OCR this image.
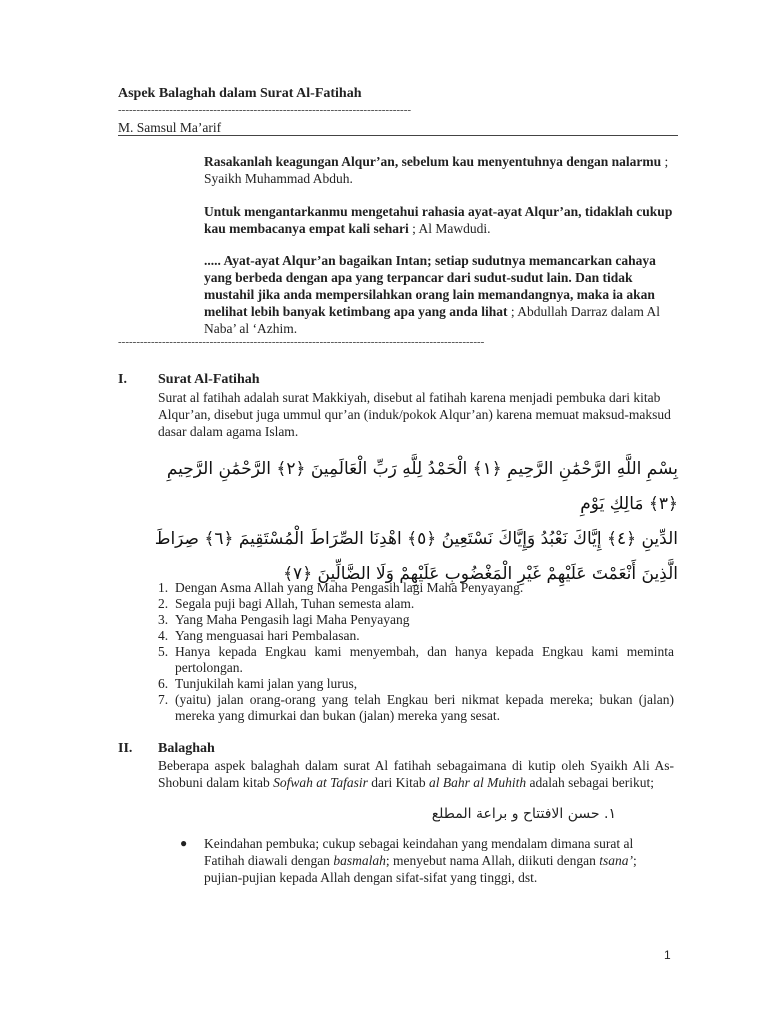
Aspek Balaghah dalam Surat Al-Fatihah
--------------------------------------------------------------------------------
M. Samsul Ma’arif
Rasakanlah keagungan Alqur’an, sebelum kau menyentuhnya dengan nalarmu ; Syaikh Muhammad Abduh.
Untuk mengantarkanmu mengetahui rahasia ayat-ayat Alqur’an, tidaklah cukup kau membacanya empat kali sehari ; Al Mawdudi.
..... Ayat-ayat Alqur’an bagaikan Intan; setiap sudutnya memancarkan cahaya yang berbeda dengan apa yang terpancar dari sudut-sudut lain. Dan tidak mustahil jika anda mempersilahkan orang lain memandangnya, maka ia akan melihat lebih banyak ketimbang apa yang anda lihat ; Abdullah Darraz dalam Al Naba’ al ‘Azhim.
----------------------------------------------------------------------------------------------------
I. Surat Al-Fatihah
Surat al fatihah adalah surat Makkiyah, disebut al fatihah karena menjadi pembuka dari kitab Alqur’an, disebut juga ummul qur’an (induk/pokok Alqur’an) karena memuat maksud-maksud dasar dalam agama Islam.
بِسْمِ اللَّهِ الرَّحْمَٰنِ الرَّحِيمِ ﴿١﴾ الْحَمْدُ لِلَّهِ رَبِّ الْعَالَمِينَ ﴿٢﴾ الرَّحْمَٰنِ الرَّحِيمِ ﴿٣﴾ مَالِكِ يَوْمِ
الدِّينِ ﴿٤﴾ إِيَّاكَ نَعْبُدُ وَإِيَّاكَ نَسْتَعِينُ ﴿٥﴾ اهْدِنَا الصِّرَاطَ الْمُسْتَقِيمَ ﴿٦﴾ صِرَاطَ
الَّذِينَ أَنْعَمْتَ عَلَيْهِمْ غَيْرِ الْمَغْضُوبِ عَلَيْهِمْ وَلَا الضَّالِّينَ ﴿٧﴾
1. Dengan Asma Allah yang Maha Pengasih lagi Maha Penyayang.
2. Segala puji bagi Allah, Tuhan semesta alam.
3. Yang Maha Pengasih lagi Maha Penyayang
4. Yang menguasai hari Pembalasan.
5. Hanya kepada Engkau kami menyembah, dan hanya kepada Engkau kami meminta pertolongan.
6. Tunjukilah kami jalan yang lurus,
7. (yaitu) jalan orang-orang yang telah Engkau beri nikmat kepada mereka; bukan (jalan) mereka yang dimurkai dan bukan (jalan) mereka yang sesat.
II. Balaghah
Beberapa aspek balaghah dalam surat Al fatihah sebagaimana di kutip oleh Syaikh Ali As-Shobuni dalam kitab Sofwah at Tafasir dari Kitab al Bahr al Muhith adalah sebagai berikut;
١. حسن الافتتاح و براعة المطلع
● Keindahan pembuka; cukup sebagai keindahan yang mendalam dimana surat al Fatihah diawali dengan basmalah; menyebut nama Allah, diikuti dengan tsana’; pujian-pujian kepada Allah dengan sifat-sifat yang tinggi, dst.
1
